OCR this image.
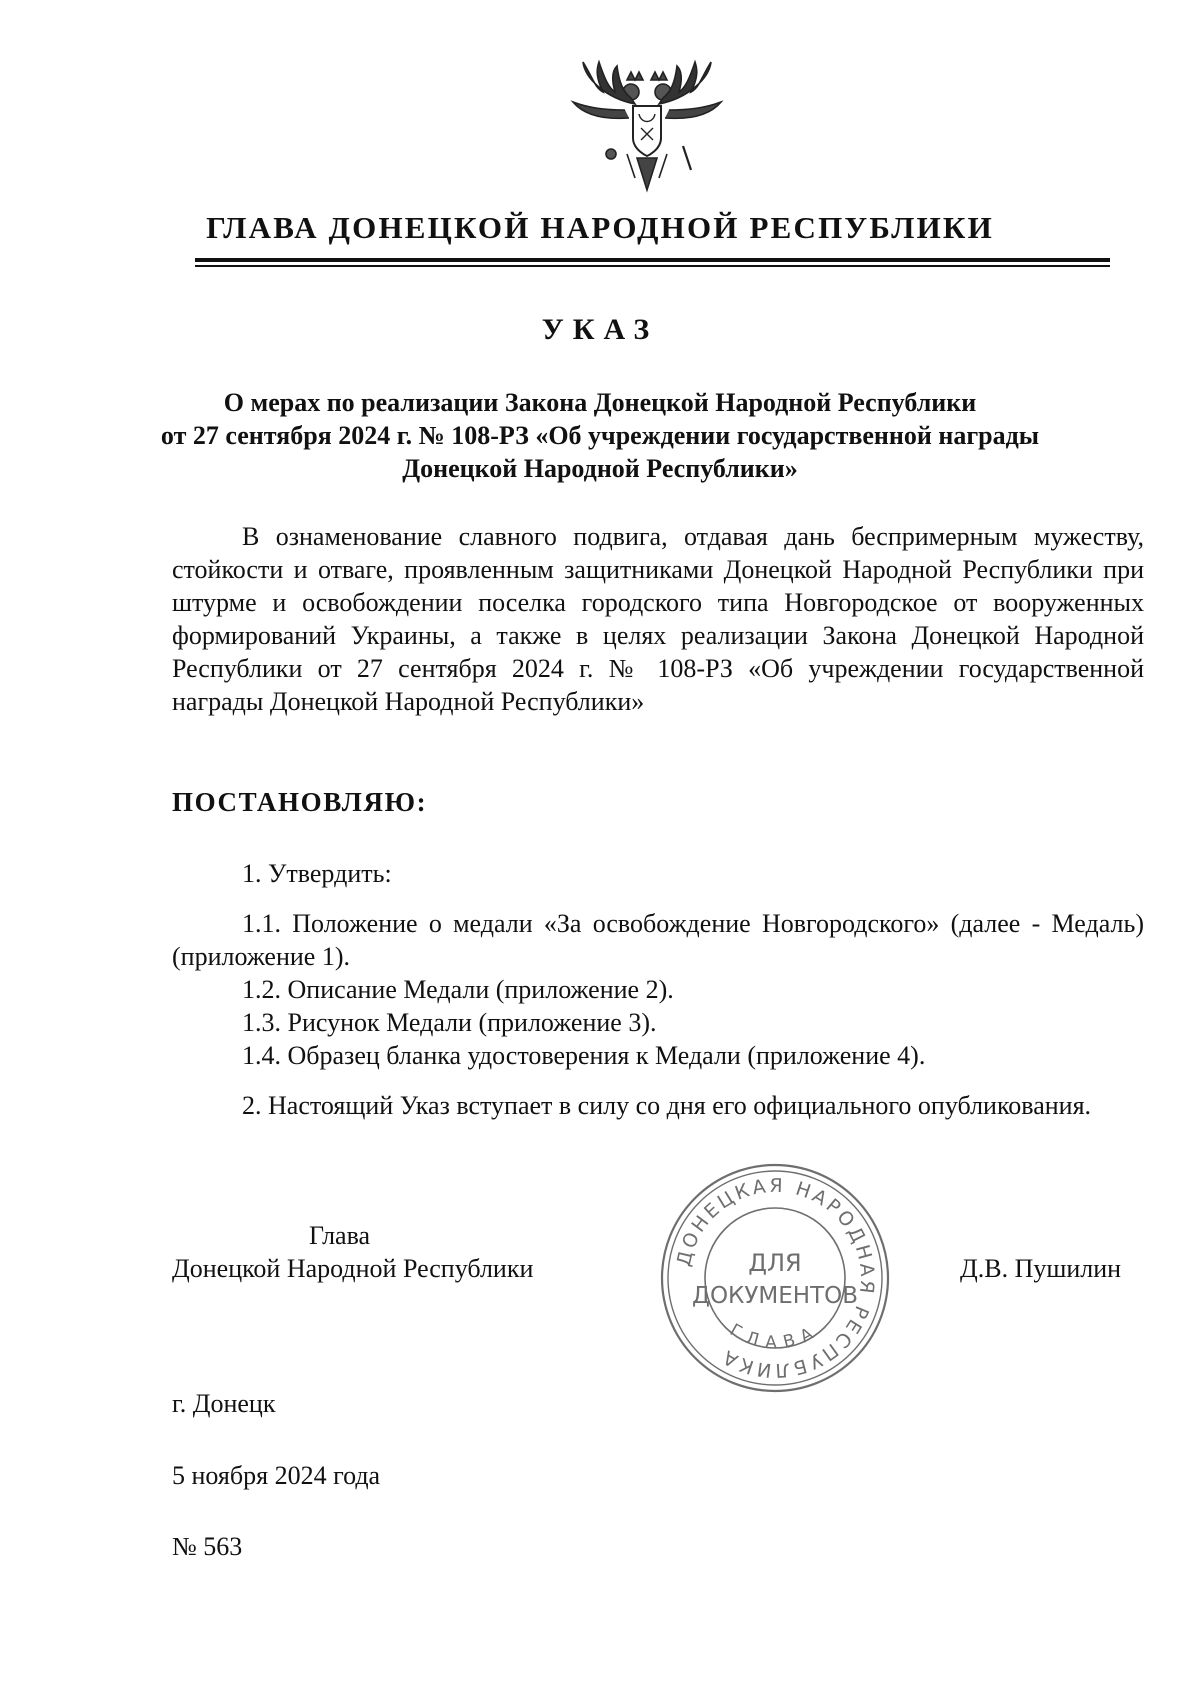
ГЛАВА ДОНЕЦКОЙ НАРОДНОЙ РЕСПУБЛИКИ
УКАЗ
О мерах по реализации Закона Донецкой Народной Республики
от 27 сентября 2024 г. № 108-РЗ «Об учреждении государственной награды
Донецкой Народной Республики»
В ознаменование славного подвига, отдавая дань беспримерным мужеству, стойкости и отваге, проявленным защитниками Донецкой Народной Республики при штурме и освобождении поселка городского типа Новгородское от вооруженных формирований Украины, а также в целях реализации Закона Донецкой Народной Республики от 27 сентября 2024 г. № 108-РЗ «Об учреждении государственной награды Донецкой Народной Республики»
ПОСТАНОВЛЯЮ:

1. Утвердить:

1.1. Положение о медали «За освобождение Новгородского» (далее - Медаль) (приложение 1).

1.2. Описание Медали (приложение 2).

1.3. Рисунок Медали (приложение 3).

1.4. Образец бланка удостоверения к Медали (приложение 4).

2. Настоящий Указ вступает в силу со дня его официального опубликования.

Глава
Донецкой Народной Республики	Д.В. Пушилин
ДОНЕЦКАЯ НАРОДНАЯ РЕСПУБЛИКА
ГЛАВА
ДЛЯ
ДОКУМЕНТОВ
г. Донецк
5 ноября 2024 года
№ 563
